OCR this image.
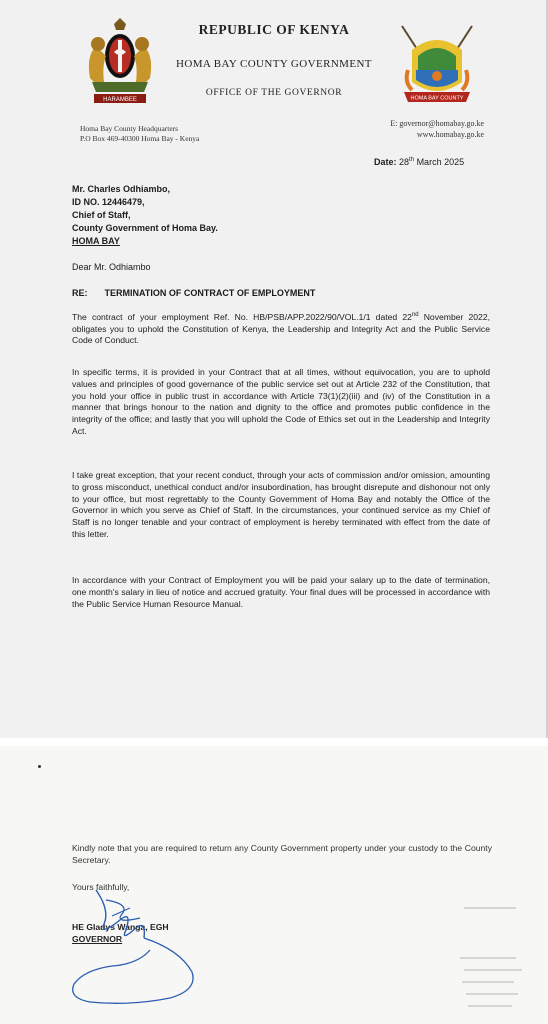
HARAMBEE
REPUBLIC OF KENYA
HOMA BAY COUNTY GOVERNMENT
OFFICE OF THE GOVERNOR
HOMA BAY COUNTY
Homa Bay County Headquarters
P.O Box 469-40300 Homa Bay - Kenya
E: governor@homabay.go.ke
www.homabay.go.ke
Date: 28th March 2025
Mr. Charles Odhiambo,
ID NO. 12446479,
Chief of Staff,
County Government of Homa Bay.
HOMA BAY
Dear Mr. Odhiambo
RE: TERMINATION OF CONTRACT OF EMPLOYMENT
The contract of your employment Ref. No. HB/PSB/APP.2022/90/VOL.1/1 dated 22nd November 2022, obligates you to uphold the Constitution of Kenya, the Leadership and Integrity Act and the Public Service Code of Conduct.
In specific terms, it is provided in your Contract that at all times, without equivocation, you are to uphold values and principles of good governance of the public service set out at Article 232 of the Constitution, that you hold your office in public trust in accordance with Article 73(1)(2)(iii) and (iv) of the Constitution in a manner that brings honour to the nation and dignity to the office and promotes public confidence in the integrity of the office; and lastly that you will uphold the Code of Ethics set out in the Leadership and Integrity Act.
I take great exception, that your recent conduct, through your acts of commission and/or omission, amounting to gross misconduct, unethical conduct and/or insubordination, has brought disrepute and dishonour not only to your office, but most regrettably to the County Government of Homa Bay and notably the Office of the Governor in which you serve as Chief of Staff. In the circumstances, your continued service as my Chief of Staff is no longer tenable and your contract of employment is hereby terminated with effect from the date of this letter.
In accordance with your Contract of Employment you will be paid your salary up to the date of termination, one month's salary in lieu of notice and accrued gratuity. Your final dues will be processed in accordance with the Public Service Human Resource Manual.
Kindly note that you are required to return any County Government property under your custody to the County Secretary.
Yours faithfully,
HE Gladys Wanga, EGH
GOVERNOR
